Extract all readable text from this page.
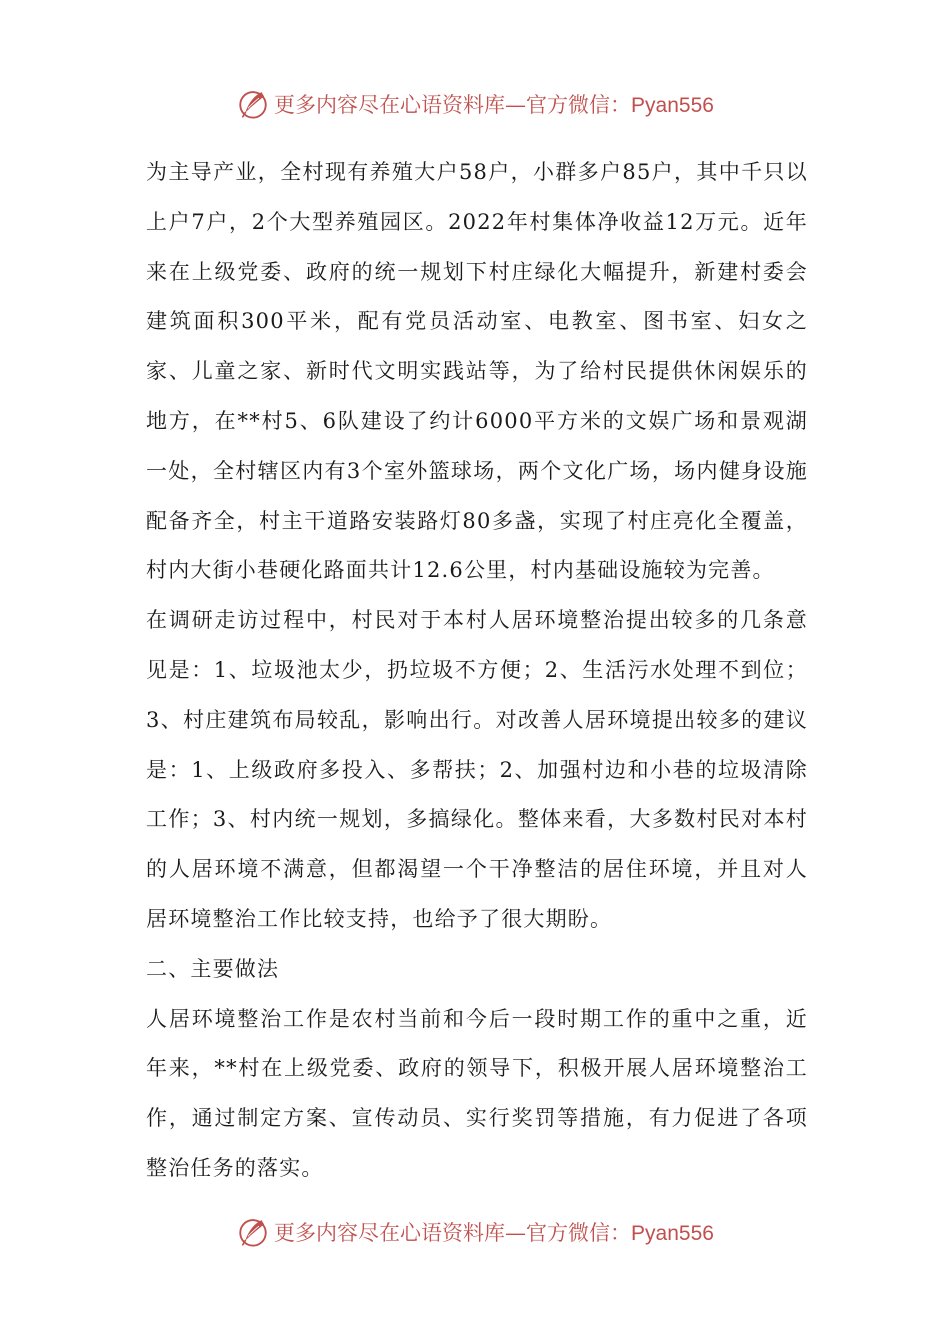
更多内容尽在心语资料库—官方微信：Pyan556

为主导产业，全村现有养殖大户58户，小群多户85户，其中千只以上户7户，2个大型养殖园区。2022年村集体净收益12万元。近年来在上级党委、政府的统一规划下村庄绿化大幅提升，新建村委会建筑面积300平米，配有党员活动室、电教室、图书室、妇女之家、儿童之家、新时代文明实践站等，为了给村民提供休闲娱乐的地方，在**村5、6队建设了约计6000平方米的文娱广场和景观湖一处，全村辖区内有3个室外篮球场，两个文化广场，场内健身设施配备齐全，村主干道路安装路灯80多盏，实现了村庄亮化全覆盖，村内大街小巷硬化路面共计12.6公里，村内基础设施较为完善。

在调研走访过程中，村民对于本村人居环境整治提出较多的几条意见是：1、垃圾池太少，扔垃圾不方便；2、生活污水处理不到位；3、村庄建筑布局较乱，影响出行。对改善人居环境提出较多的建议是：1、上级政府多投入、多帮扶；2、加强村边和小巷的垃圾清除工作；3、村内统一规划，多搞绿化。整体来看，大多数村民对本村的人居环境不满意，但都渴望一个干净整洁的居住环境，并且对人居环境整治工作比较支持，也给予了很大期盼。

二、主要做法

人居环境整治工作是农村当前和今后一段时期工作的重中之重，近年来，**村在上级党委、政府的领导下，积极开展人居环境整治工作，通过制定方案、宣传动员、实行奖罚等措施，有力促进了各项整治任务的落实。

更多内容尽在心语资料库—官方微信：Pyan556
